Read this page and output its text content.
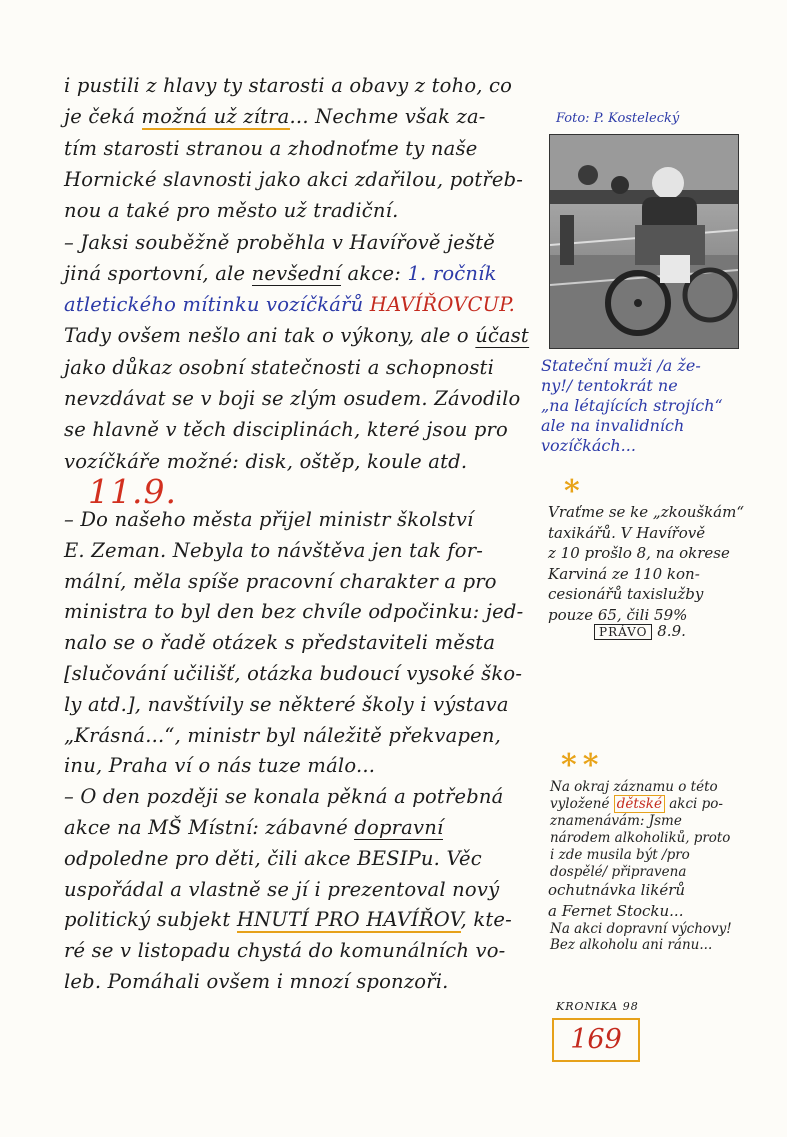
i pustili z hlavy ty starosti a obavy z toho, co
je čeká možná už zítra... Nechme však za-
tím starosti stranou a zhodnoťme ty naše
Hornické slavnosti jako akci zdařilou, potřeb-
nou a také pro město už tradiční.
– Jaksi souběžně proběhla v Havířově ještě
jiná sportovní, ale nevšední akce: 1. ročník
atletického mítinku vozíčkářů HAVÍŘOVCUP.
Tady ovšem nešlo ani tak o výkony, ale o účast
jako důkaz osobní statečnosti a schopnosti
nevzdávat se v boji se zlým osudem. Závodilo
se hlavně v těch disciplinách, které jsou pro
vozíčkáře možné: disk, oštěp, koule atd.
11.9.
– Do našeho města přijel ministr školství
E. Zeman. Nebyla to návštěva jen tak for-
mální, měla spíše pracovní charakter a pro
ministra to byl den bez chvíle odpočinku: jed-
nalo se o řadě otázek s představiteli města
[slučování učilišť, otázka budoucí vysoké ško-
ly atd.], navštívily se některé školy i výstava
„Krásná...“, ministr byl náležitě překvapen,
inu, Praha ví o nás tuze málo...
– O den později se konala pěkná a potřebná
akce na MŠ Místní: zábavné dopravní
odpoledne pro děti, čili akce BESIPu. Věc
uspořádal a vlastně se jí i prezentoval nový
politický subjekt HNUTÍ PRO HAVÍŘOV, kte-
ré se v listopadu chystá do komunálních vo-
leb. Pomáhali ovšem i mnozí sponzoři.
Foto: P. Kostelecký
Stateční muži /a že-
ny!/ tentokrát ne
„na létajících strojích“
ale na invalidních
vozíčkách...
*
Vraťme se ke „zkouškám“
taxikářů. V Havířově
z 10 prošlo 8, na okrese
Karviná ze 110 kon-
cesionářů taxislužby
pouze 65, čili 59%
PRÁVO 8.9.
**
Na okraj záznamu o této
vyložené dětské akci po-
znamenávám: Jsme
národem alkoholiků, proto
i zde musila být /pro
dospělé/ připravena
ochutnávka likérů
a Fernet Stocku...
Na akci dopravní výchovy!
Bez alkoholu ani ránu...
KRONIKA 98
169
